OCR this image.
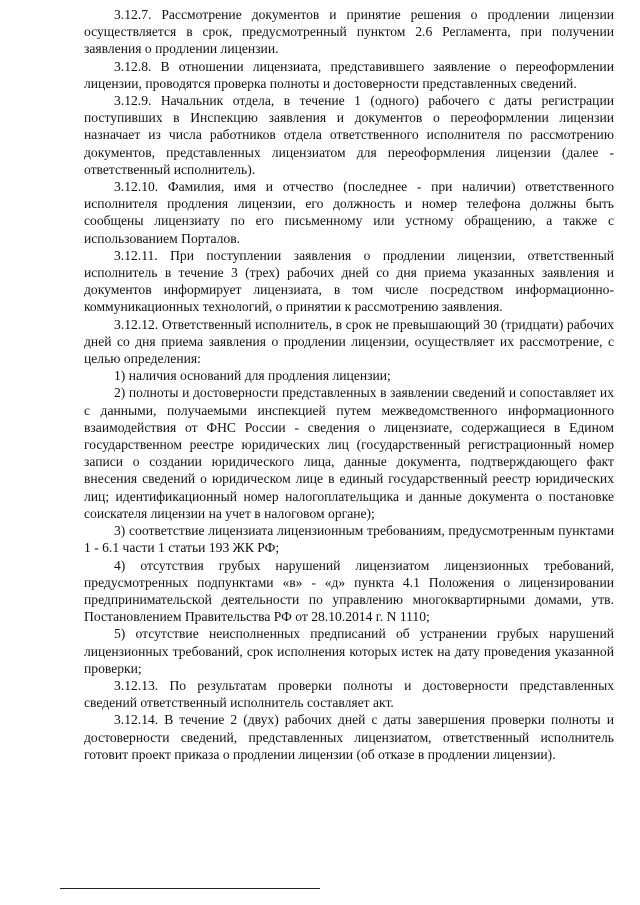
3.12.7. Рассмотрение документов и принятие решения о продлении лицензии осуществляется в срок, предусмотренный пунктом 2.6 Регламента, при получении заявления о продлении лицензии.

3.12.8. В отношении лицензиата, представившего заявление о переоформлении лицензии, проводятся проверка полноты и достоверности представленных сведений.

3.12.9. Начальник отдела, в течение 1 (одного) рабочего с даты регистрации поступивших в Инспекцию заявления и документов о переоформлении лицензии назначает из числа работников отдела ответственного исполнителя по рассмотрению документов, представленных лицензиатом для переоформления лицензии (далее - ответственный исполнитель).

3.12.10. Фамилия, имя и отчество (последнее - при наличии) ответственного исполнителя продления лицензии, его должность и номер телефона должны быть сообщены лицензиату по его письменному или устному обращению, а также с использованием Порталов.

3.12.11. При поступлении заявления о продлении лицензии, ответственный исполнитель в течение 3 (трех) рабочих дней со дня приема указанных заявления и документов информирует лицензиата, в том числе посредством информационно-коммуникационных технологий, о принятии к рассмотрению заявления.

3.12.12. Ответственный исполнитель, в срок не превышающий 30 (тридцати) рабочих дней со дня приема заявления о продлении лицензии, осуществляет их рассмотрение, с целью определения:

1) наличия оснований для продления лицензии;

2) полноты и достоверности представленных в заявлении сведений и сопоставляет их с данными, получаемыми инспекцией путем межведомственного информационного взаимодействия от ФНС России - сведения о лицензиате, содержащиеся в Едином государственном реестре юридических лиц (государственный регистрационный номер записи о создании юридического лица, данные документа, подтверждающего факт внесения сведений о юридическом лице в единый государственный реестр юридических лиц; идентификационный номер налогоплательщика и данные документа о постановке соискателя лицензии на учет в налоговом органе);

3) соответствие лицензиата лицензионным требованиям, предусмотренным пунктами 1 - 6.1 части 1 статьи 193 ЖК РФ;

4) отсутствия грубых нарушений лицензиатом лицензионных требований, предусмотренных подпунктами «в» - «д» пункта 4.1 Положения о лицензировании предпринимательской деятельности по управлению многоквартирными домами, утв. Постановлением Правительства РФ от 28.10.2014 г. N 1110;

5) отсутствие неисполненных предписаний об устранении грубых нарушений лицензионных требований, срок исполнения которых истек на дату проведения указанной проверки;

3.12.13. По результатам проверки полноты и достоверности представленных сведений ответственный исполнитель составляет акт.

3.12.14. В течение 2 (двух) рабочих дней с даты завершения проверки полноты и достоверности сведений, представленных лицензиатом, ответственный исполнитель готовит проект приказа о продлении лицензии (об отказе в продлении лицензии).
